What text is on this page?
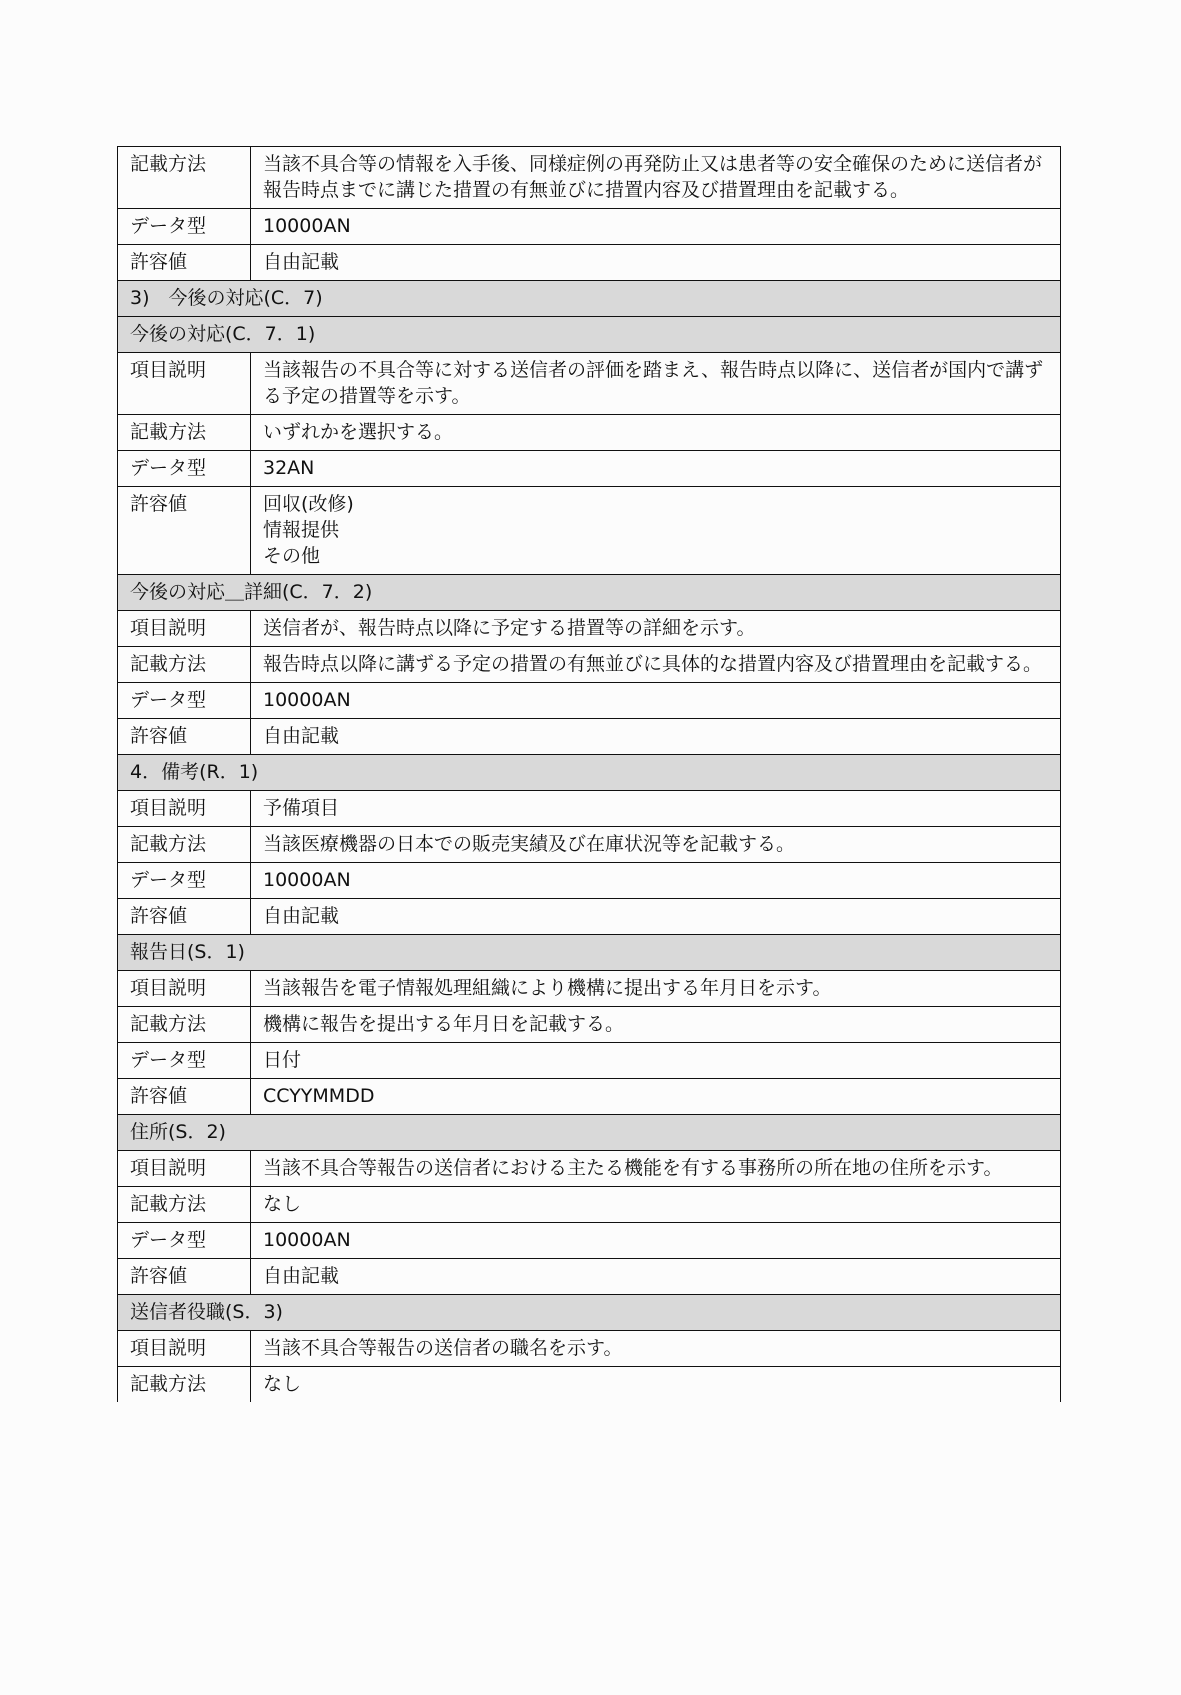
記載方法	当該不具合等の情報を入手後、同様症例の再発防止又は患者等の安全確保のために送信者が報告時点までに講じた措置の有無並びに措置内容及び措置理由を記載する。
データ型	10000AN
許容値	自由記載
3)　今後の対応(C．7)	
今後の対応(C．7．1)	
項目説明	当該報告の不具合等に対する送信者の評価を踏まえ、報告時点以降に、送信者が国内で講ずる予定の措置等を示す。
記載方法	いずれかを選択する。
データ型	32AN
許容値	回収(改修)
情報提供
その他

今後の対応＿詳細(C．7．2)	
項目説明	送信者が、報告時点以降に予定する措置等の詳細を示す。
記載方法	報告時点以降に講ずる予定の措置の有無並びに具体的な措置内容及び措置理由を記載する。
データ型	10000AN
許容値	自由記載
4．備考(R．1)	
項目説明	予備項目
記載方法	当該医療機器の日本での販売実績及び在庫状況等を記載する。
データ型	10000AN
許容値	自由記載
報告日(S．1)	
項目説明	当該報告を電子情報処理組織により機構に提出する年月日を示す。
記載方法	機構に報告を提出する年月日を記載する。
データ型	日付
許容値	CCYYMMDD
住所(S．2)	
項目説明	当該不具合等報告の送信者における主たる機能を有する事務所の所在地の住所を示す。
記載方法	なし
データ型	10000AN
許容値	自由記載
送信者役職(S．3)	
項目説明	当該不具合等報告の送信者の職名を示す。
記載方法	なし
